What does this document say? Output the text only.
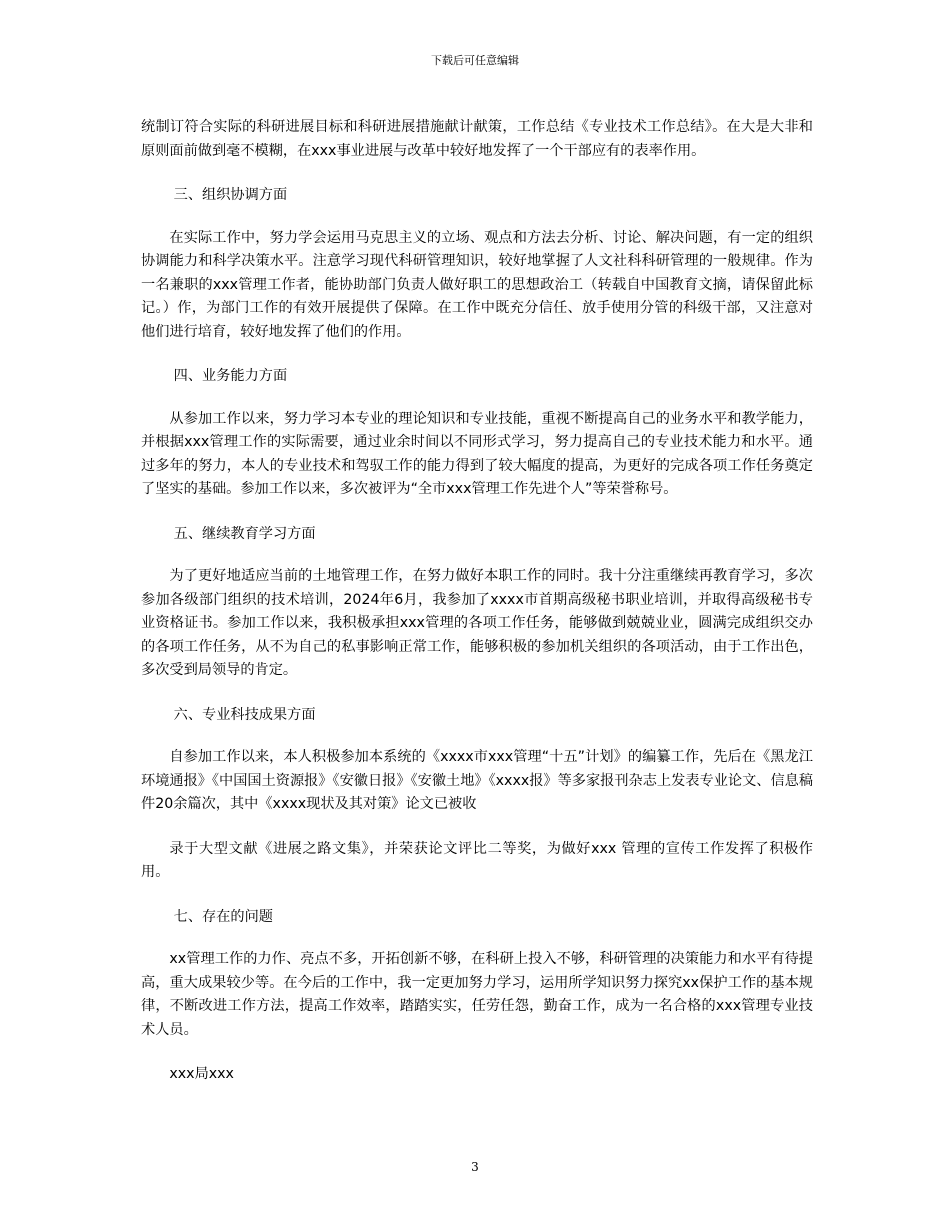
下载后可任意编辑

统制订符合实际的科研进展目标和科研进展措施献计献策，工作总结《专业技术工作总结》。在大是大非和原则面前做到毫不模糊，在xxx事业进展与改革中较好地发挥了一个干部应有的表率作用。

三、组织协调方面

在实际工作中，努力学会运用马克思主义的立场、观点和方法去分析、讨论、解决问题，有一定的组织协调能力和科学决策水平。注意学习现代科研管理知识，较好地掌握了人文社科科研管理的一般规律。作为一名兼职的xxx管理工作者，能协助部门负责人做好职工的思想政治工（转载自中国教育文摘，请保留此标记。）作，为部门工作的有效开展提供了保障。在工作中既充分信任、放手使用分管的科级干部，又注意对他们进行培育，较好地发挥了他们的作用。

四、业务能力方面

从参加工作以来，努力学习本专业的理论知识和专业技能，重视不断提高自己的业务水平和教学能力，并根据xxx管理工作的实际需要，通过业余时间以不同形式学习，努力提高自己的专业技术能力和水平。通过多年的努力，本人的专业技术和驾驭工作的能力得到了较大幅度的提高，为更好的完成各项工作任务奠定了坚实的基础。参加工作以来，多次被评为“全市xxx管理工作先进个人”等荣誉称号。

五、继续教育学习方面

为了更好地适应当前的土地管理工作，在努力做好本职工作的同时。我十分注重继续再教育学习，多次参加各级部门组织的技术培训，2024年6月，我参加了xxxx市首期高级秘书职业培训，并取得高级秘书专业资格证书。参加工作以来，我积极承担xxx管理的各项工作任务，能够做到兢兢业业，圆满完成组织交办的各项工作任务，从不为自己的私事影响正常工作，能够积极的参加机关组织的各项活动，由于工作出色，多次受到局领导的肯定。

六、专业科技成果方面

自参加工作以来，本人积极参加本系统的《xxxx市xxx管理“十五”计划》的编纂工作，先后在《黑龙江环境通报》《中国国土资源报》《安徽日报》《安徽土地》《xxxx报》等多家报刊杂志上发表专业论文、信息稿件20余篇次，其中《xxxx现状及其对策》论文已被收

录于大型文献《进展之路文集》，并荣获论文评比二等奖，为做好xxx 管理的宣传工作发挥了积极作用。

七、存在的问题

xx管理工作的力作、亮点不多，开拓创新不够，在科研上投入不够，科研管理的决策能力和水平有待提高，重大成果较少等。在今后的工作中，我一定更加努力学习，运用所学知识努力探究xx保护工作的基本规律，不断改进工作方法，提高工作效率，踏踏实实，任劳任怨，勤奋工作，成为一名合格的xxx管理专业技术人员。

xxx局xxx

3
